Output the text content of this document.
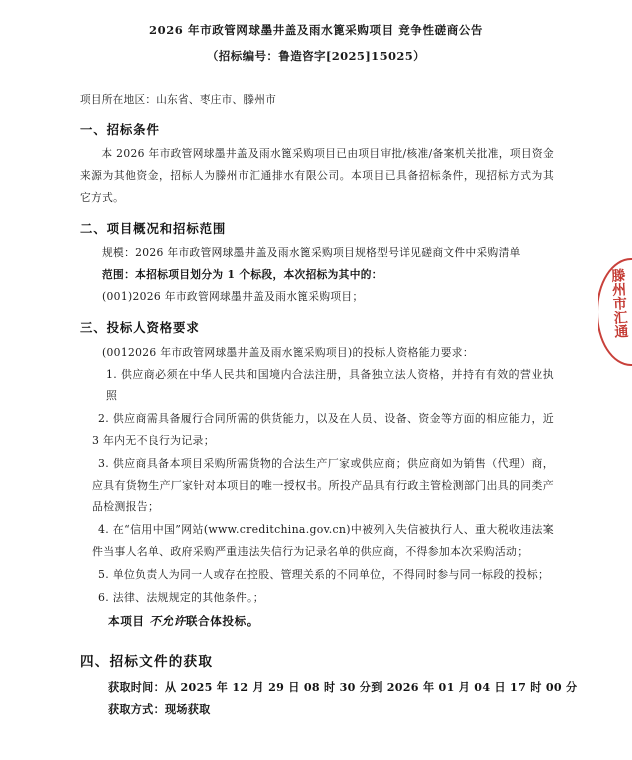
2026 年市政管网球墨井盖及雨水篦采购项目 竞争性磋商公告
（招标编号：鲁造咨字[2025]15025）

项目所在地区：山东省、枣庄市、滕州市

一、招标条件

本 2026 年市政管网球墨井盖及雨水篦采购项目已由项目审批/核准/备案机关批准，项目资金来源为其他资金，招标人为滕州市汇通排水有限公司。本项目已具备招标条件，现招标方式为其它方式。

二、项目概况和招标范围

规模：2026 年市政管网球墨井盖及雨水篦采购项目规格型号详见磋商文件中采购清单

范围：本招标项目划分为 1 个标段，本次招标为其中的：

(001)2026 年市政管网球墨井盖及雨水篦采购项目；

三、投标人资格要求

(0012026 年市政管网球墨井盖及雨水篦采购项目)的投标人资格能力要求：

1. 供应商必须在中华人民共和国境内合法注册，具备独立法人资格，并持有有效的营业执照

2. 供应商需具备履行合同所需的供货能力，以及在人员、设备、资金等方面的相应能力，近 3 年内无不良行为记录；

3. 供应商具备本项目采购所需货物的合法生产厂家或供应商；供应商如为销售（代理）商，应具有货物生产厂家针对本项目的唯一授权书。所投产品具有行政主管检测部门出具的同类产品检测报告；

4. 在“信用中国”网站(www.creditchina.gov.cn)中被列入失信被执行人、重大税收违法案件当事人名单、政府采购严重违法失信行为记录名单的供应商，不得参加本次采购活动；

5. 单位负责人为同一人或存在控股、管理关系的不同单位，不得同时参与同一标段的投标；

6. 法律、法规规定的其他条件。；

本项目 不允许联合体投标。

四、招标文件的获取

获取时间：从 2025 年 12 月 29 日 08 时 30 分到 2026 年 01 月 04 日 17 时 00 分

获取方式：现场获取

滕州市汇通
